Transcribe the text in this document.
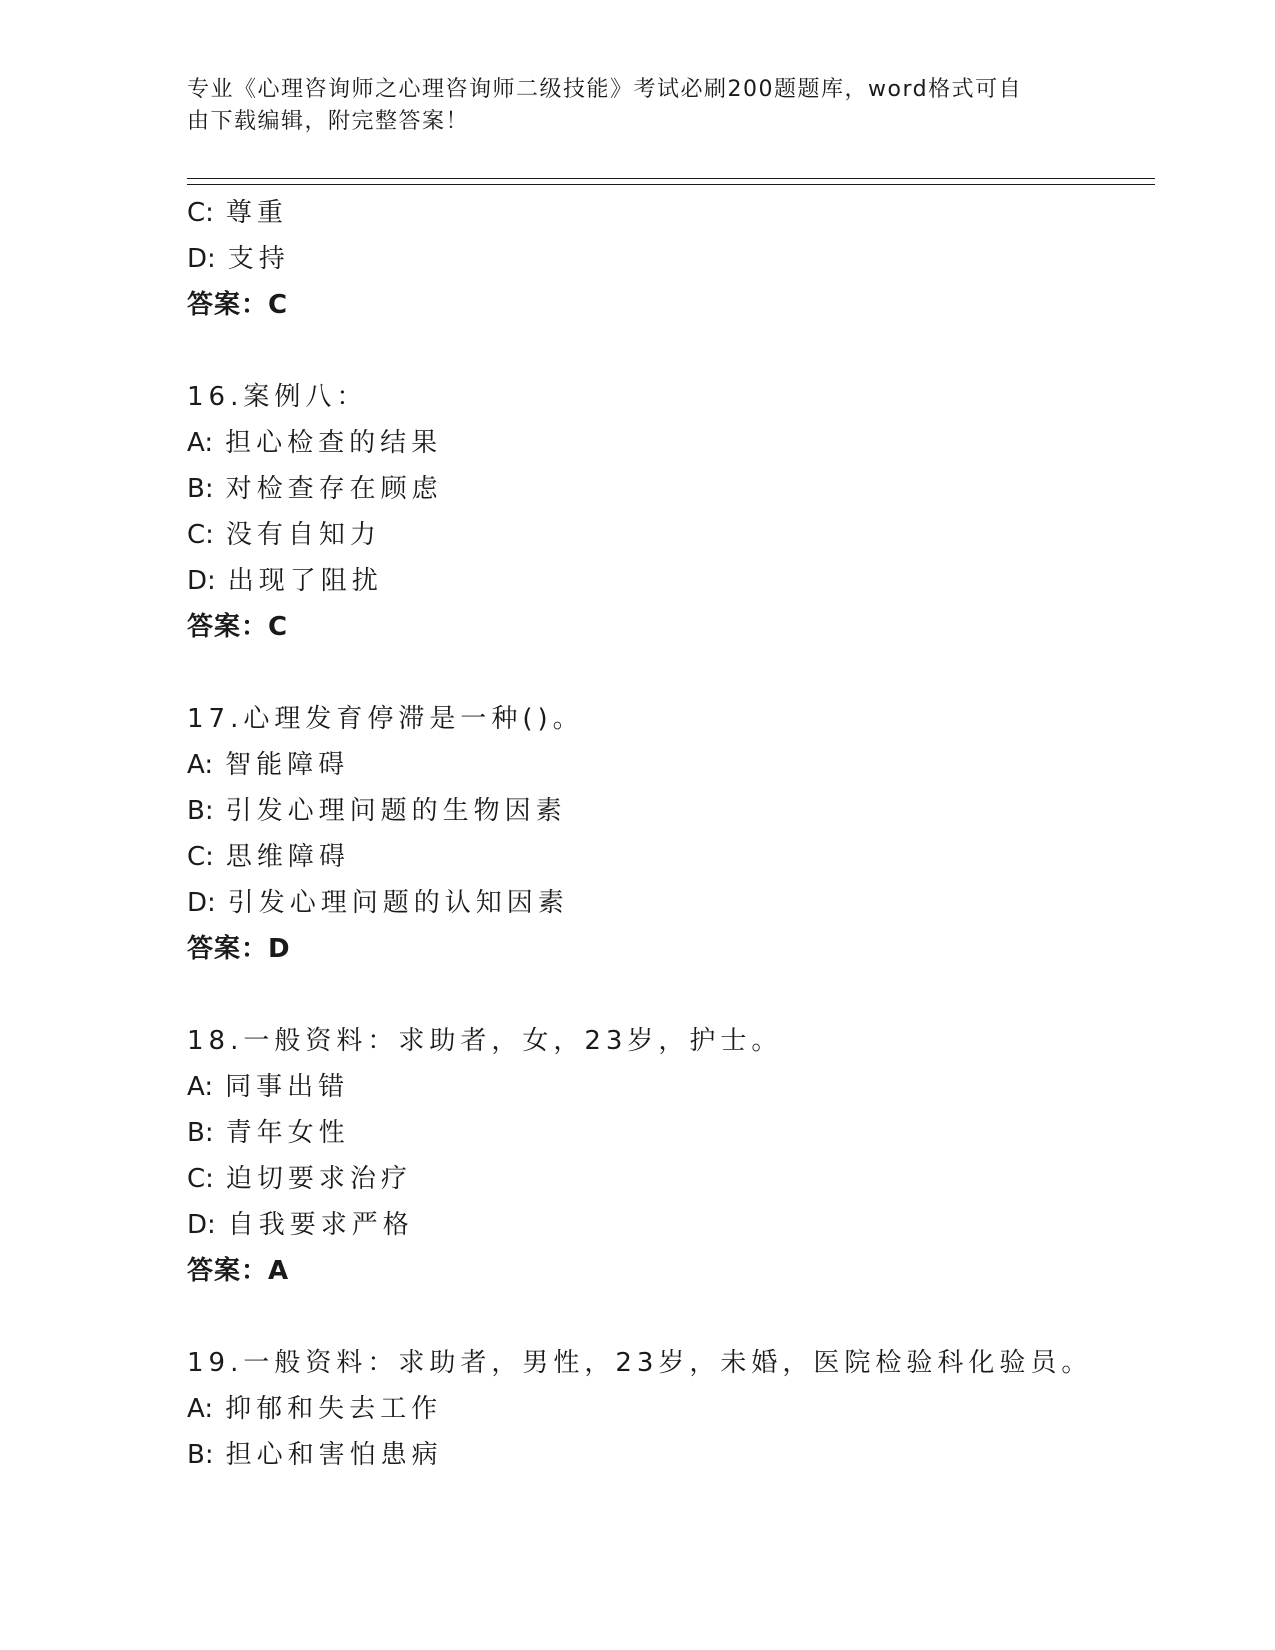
专业《心理咨询师之心理咨询师二级技能》考试必刷200题题库，word格式可自
由下载编辑，附完整答案！
C: 尊重
D: 支持
答案：C
16.案例八：
A: 担心检查的结果
B: 对检查存在顾虑
C: 没有自知力
D: 出现了阻扰
答案：C
17.心理发育停滞是一种()。
A: 智能障碍
B: 引发心理问题的生物因素
C: 思维障碍
D: 引发心理问题的认知因素
答案：D
18.一般资料：求助者，女，23岁，护士。
A: 同事出错
B: 青年女性
C: 迫切要求治疗
D: 自我要求严格
答案：A
19.一般资料：求助者，男性，23岁，未婚，医院检验科化验员。
A: 抑郁和失去工作
B: 担心和害怕患病
